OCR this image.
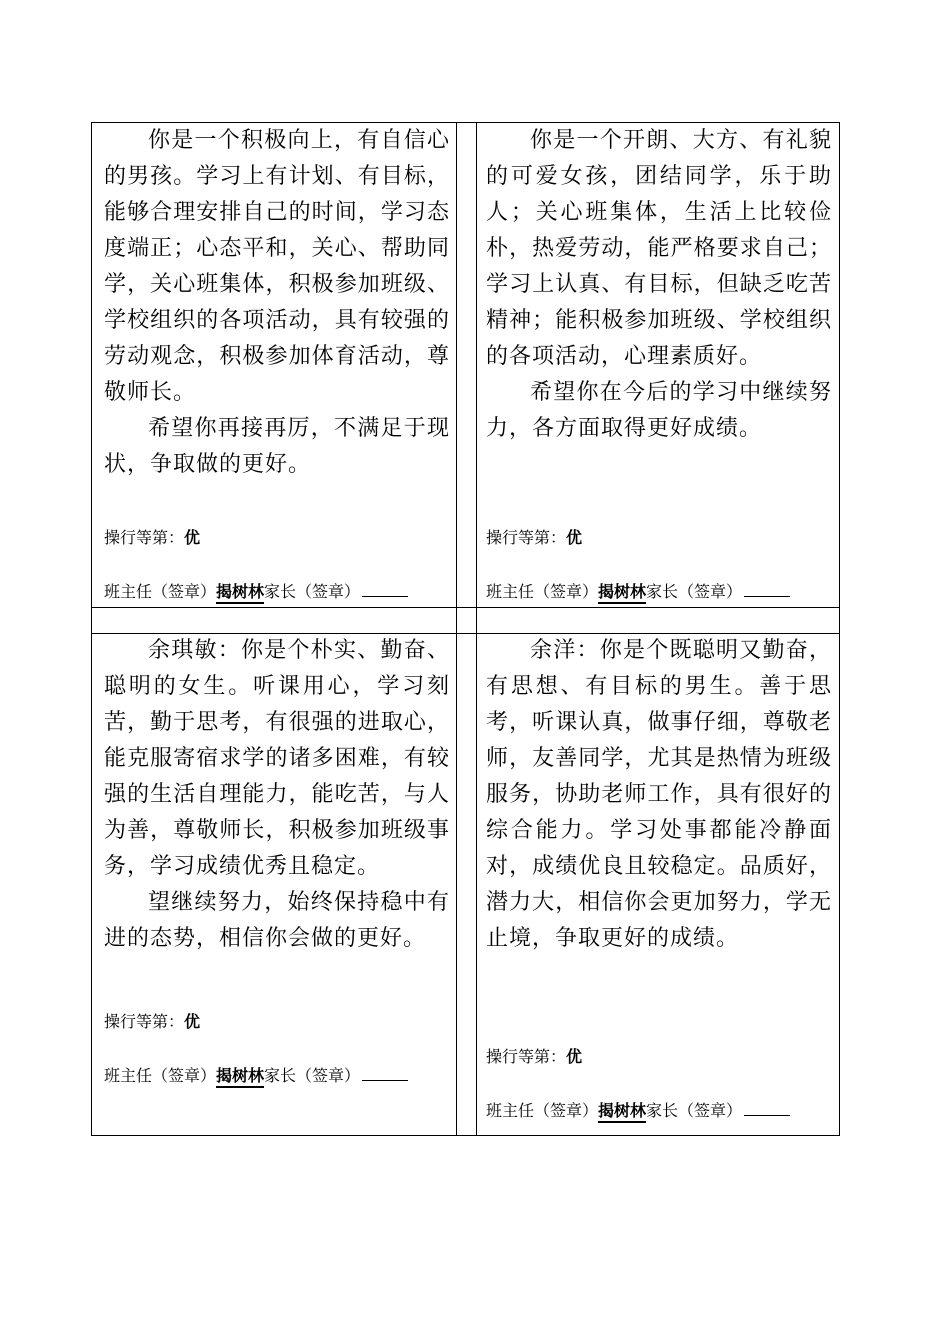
你是一个积极向上，有自信心的男孩。学习上有计划、有目标，能够合理安排自己的时间，学习态度端正；心态平和，关心、帮助同学，关心班集体，积极参加班级、学校组织的各项活动，具有较强的劳动观念，积极参加体育活动，尊敬师长。

希望你再接再厉，不满足于现状，争取做的更好。

操行等第：优
班主任（签章）揭树林家长（签章）

你是一个开朗、大方、有礼貌的可爱女孩，团结同学，乐于助人；关心班集体，生活上比较俭朴，热爱劳动，能严格要求自己；学习上认真、有目标，但缺乏吃苦精神；能积极参加班级、学校组织的各项活动，心理素质好。

希望你在今后的学习中继续努力，各方面取得更好成绩。

操行等第：优
班主任（签章）揭树林家长（签章）

余琪敏：你是个朴实、勤奋、聪明的女生。听课用心，学习刻苦，勤于思考，有很强的进取心，能克服寄宿求学的诸多困难，有较强的生活自理能力，能吃苦，与人为善，尊敬师长，积极参加班级事务，学习成绩优秀且稳定。

望继续努力，始终保持稳中有进的态势，相信你会做的更好。

操行等第：优
班主任（签章）揭树林家长（签章）

余洋：你是个既聪明又勤奋，有思想、有目标的男生。善于思考，听课认真，做事仔细，尊敬老师，友善同学，尤其是热情为班级服务，协助老师工作，具有很好的综合能力。学习处事都能冷静面对，成绩优良且较稳定。品质好，潜力大，相信你会更加努力，学无止境，争取更好的成绩。

操行等第：优
班主任（签章）揭树林家长（签章）
